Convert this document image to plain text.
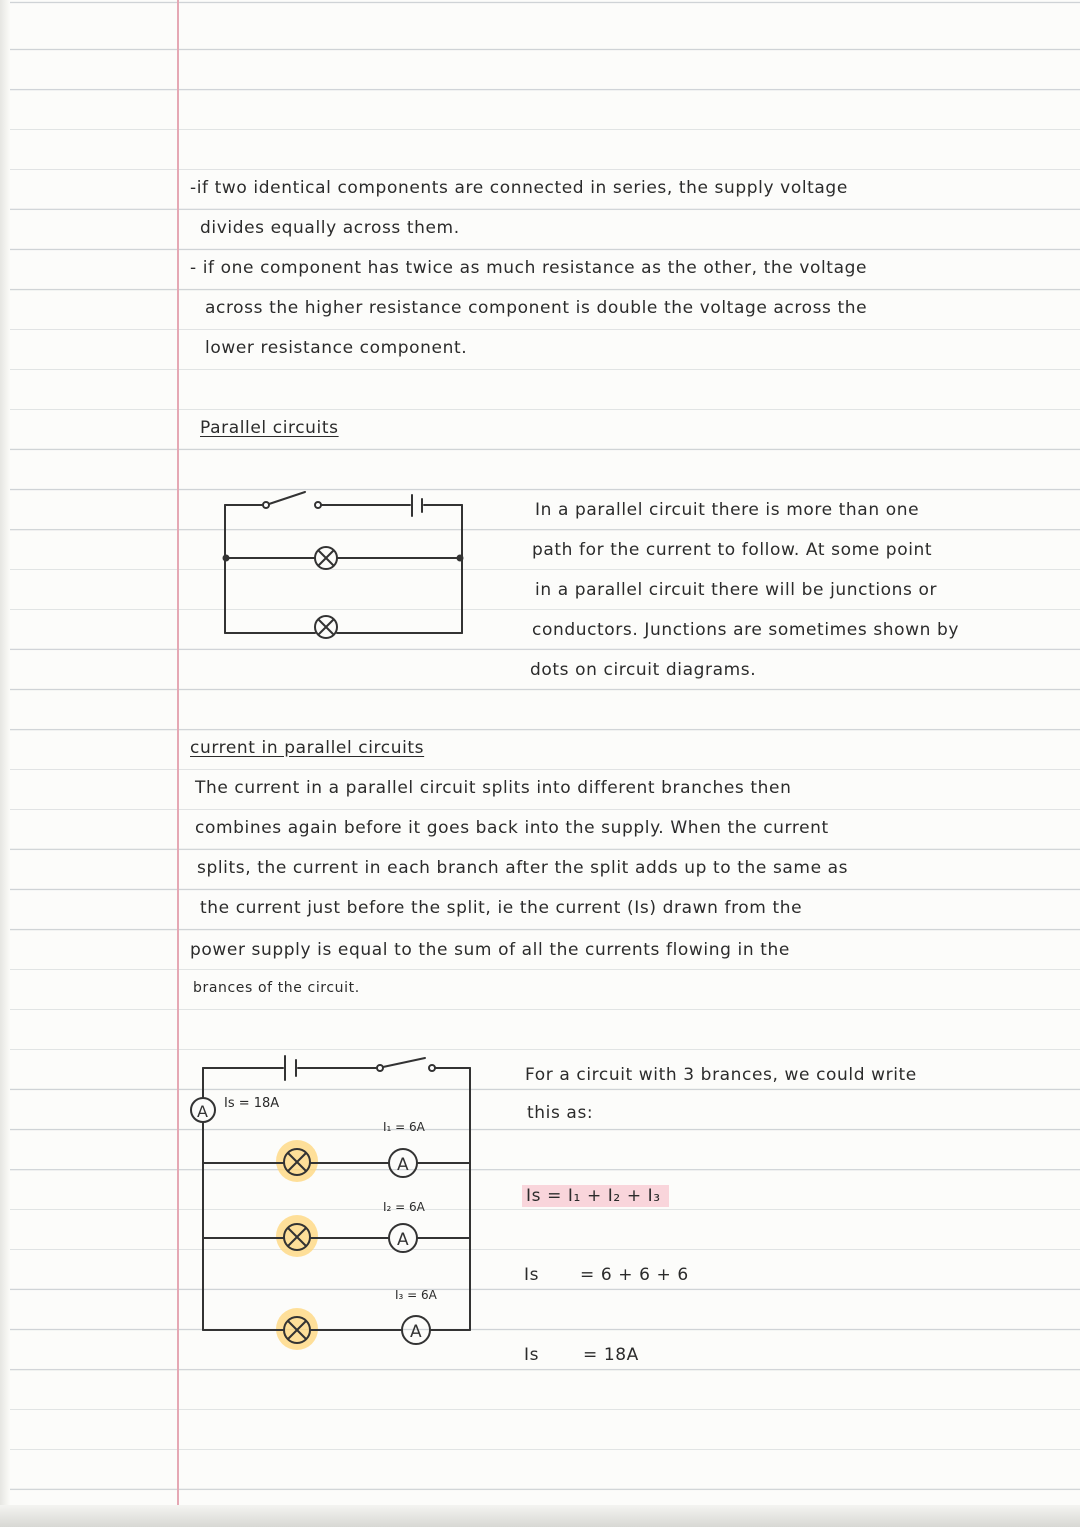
-if two identical components are connected in series, the supply voltage
divides equally across them.
- if one component has twice as much resistance as the other, the voltage
across the higher resistance component is double the voltage across the
lower resistance component.
Parallel circuits
In a parallel circuit there is more than one
path for the current to follow. At some point
in a parallel circuit there will be junctions or
conductors. Junctions are sometimes shown by
dots on circuit diagrams.
current in parallel circuits
The current in a parallel circuit splits into different branches then
combines again before it goes back into the supply. When the current
splits, the current in each branch after the split adds up to the same as
the current just before the split, ie the current (Is) drawn from the
power supply is equal to the sum of all the currents flowing in the
brances of the circuit.
A
A
A
A Is = 18A
I₁ = 6A
I₂ = 6A
I₃ = 6A
For a circuit with 3 brances, we could write
this as:
Is = I₁ + I₂ + I₃
Is = 6 + 6 + 6
Is	= 18A
